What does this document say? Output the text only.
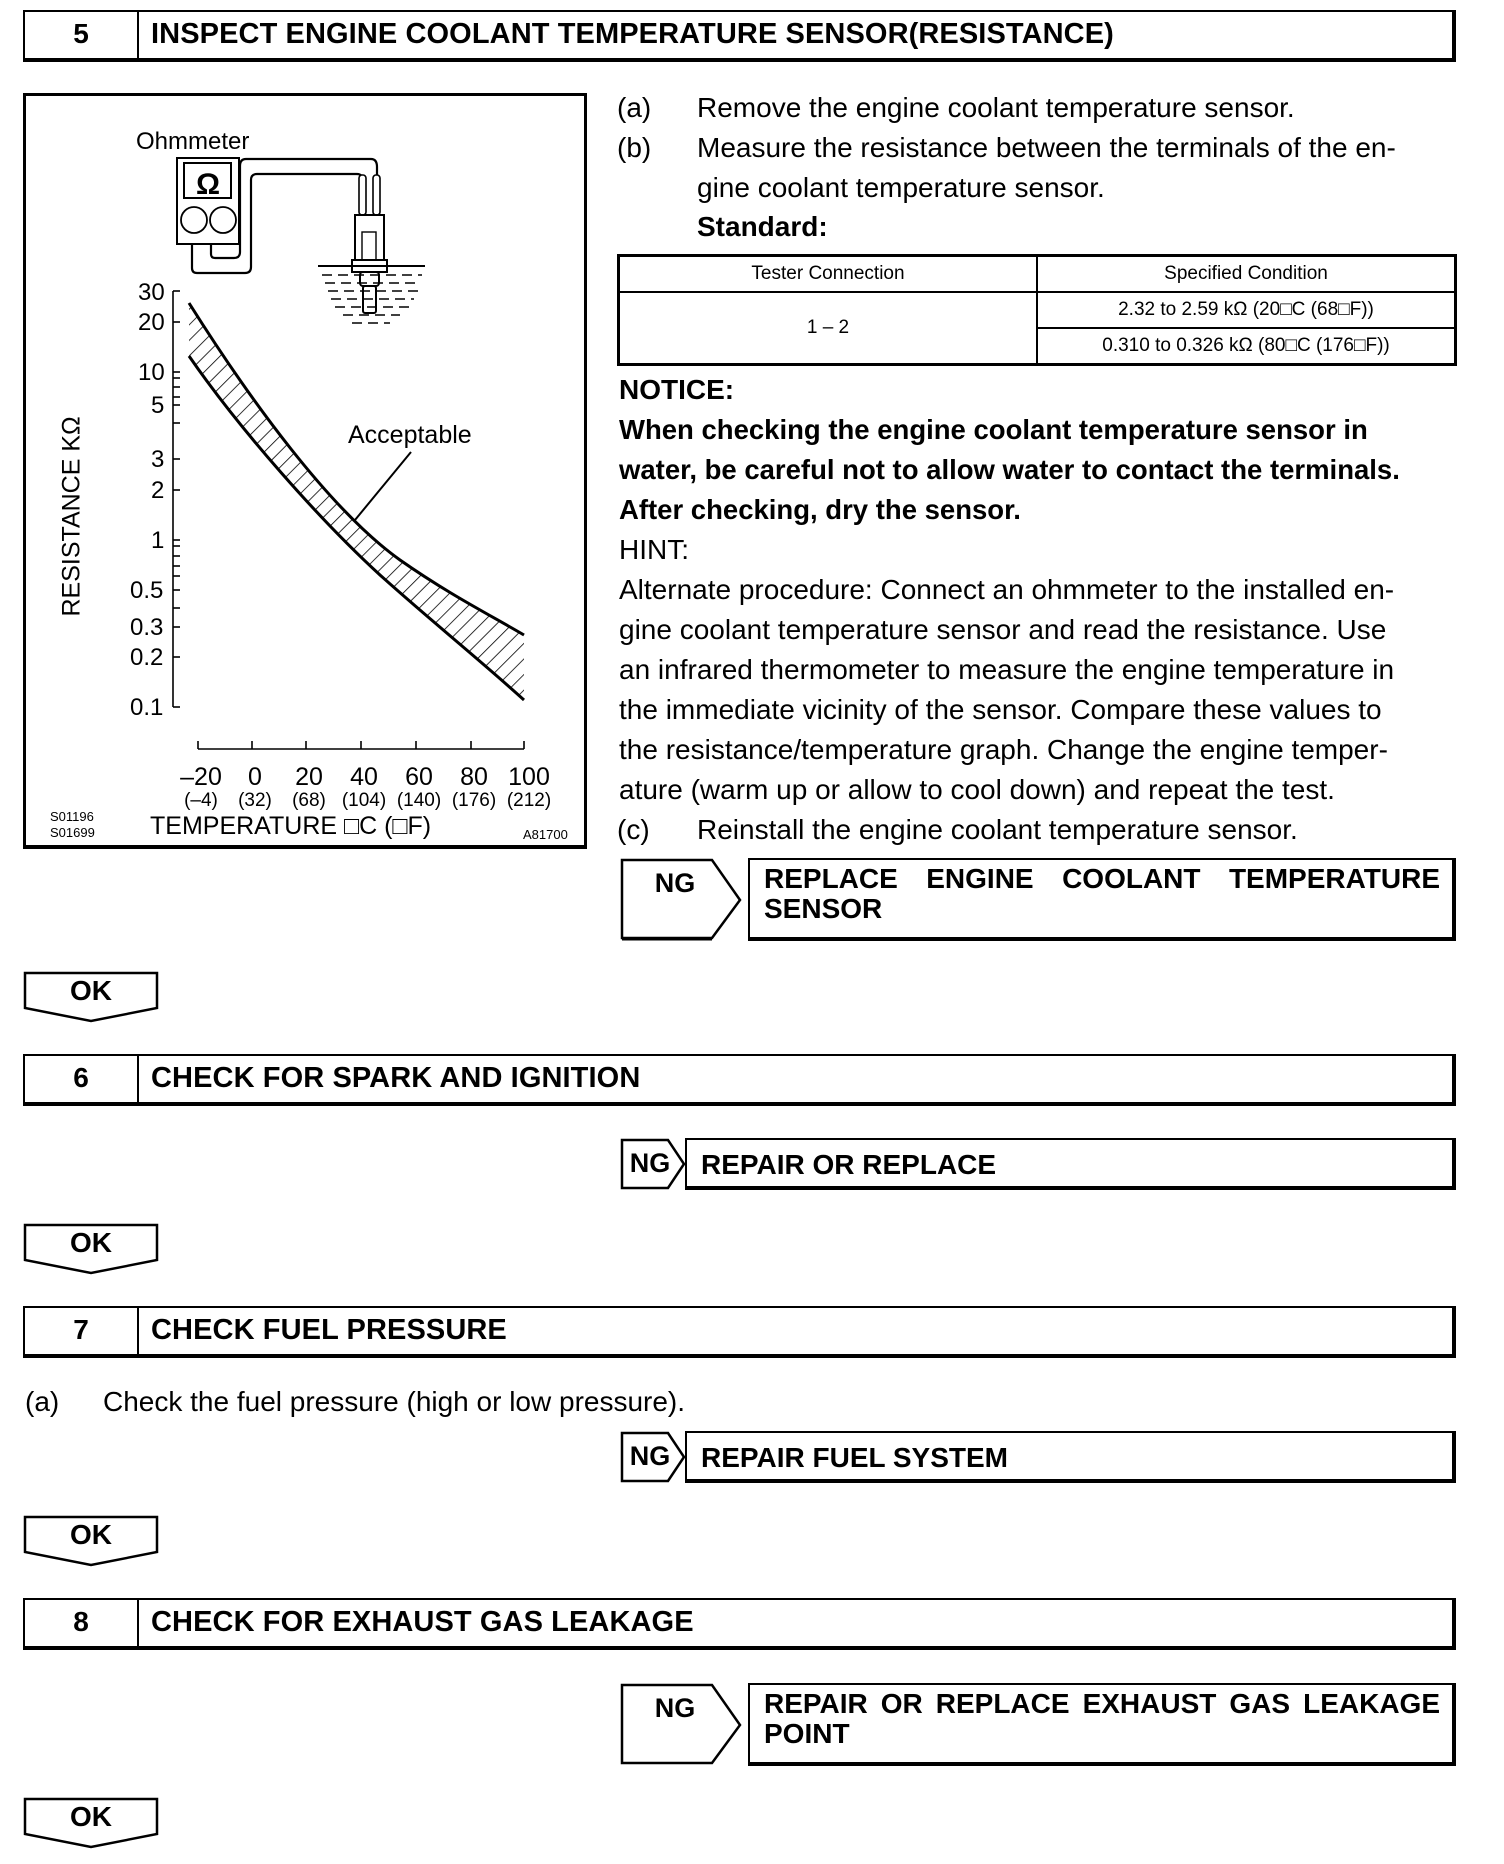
5	INSPECT ENGINE COOLANT TEMPERATURE SENSOR(RESISTANCE)
Ohmmeter
Ω
Acceptable
30
20
10
5
3
2
1
0.5
0.3
0.2
0.1
RESISTANCE KΩ
–20	0	20	40	60	80 100
(–4)	(32)	(68) (104) (140) (176) (212)
TEMPERATURE □C (□F)
S01196
S01699	A81700
(a) Remove the engine coolant temperature sensor.
(b) Measure the resistance between the terminals of the en-
gine coolant temperature sensor.
Standard:
Tester Connection	Specified Condition
1 – 2	2.32 to 2.59 kΩ (20□C (68□F))
	0.310 to 0.326 kΩ (80□C (176□F))
NOTICE:
When checking the engine coolant temperature sensor in
water, be careful not to allow water to contact the terminals.
After checking, dry the sensor.
HINT:
Alternate procedure: Connect an ohmmeter to the installed en-
gine coolant temperature sensor and read the resistance. Use
an infrared thermometer to measure the engine temperature in
the immediate vicinity of the sensor. Compare these values to
the resistance/temperature graph. Change the engine temper-
ature (warm up or allow to cool down) and repeat the test.
(c) Reinstall the engine coolant temperature sensor.
NG	REPLACE ENGINE COOLANT TEMPERATURE SENSOR
OK
6	CHECK FOR SPARK AND IGNITION
NG	REPAIR OR REPLACE
OK
7	CHECK FUEL PRESSURE
(a) Check the fuel pressure (high or low pressure).
NG	REPAIR FUEL SYSTEM
OK
8	CHECK FOR EXHAUST GAS LEAKAGE
NG	REPAIR OR REPLACE EXHAUST GAS LEAKAGE POINT
OK
